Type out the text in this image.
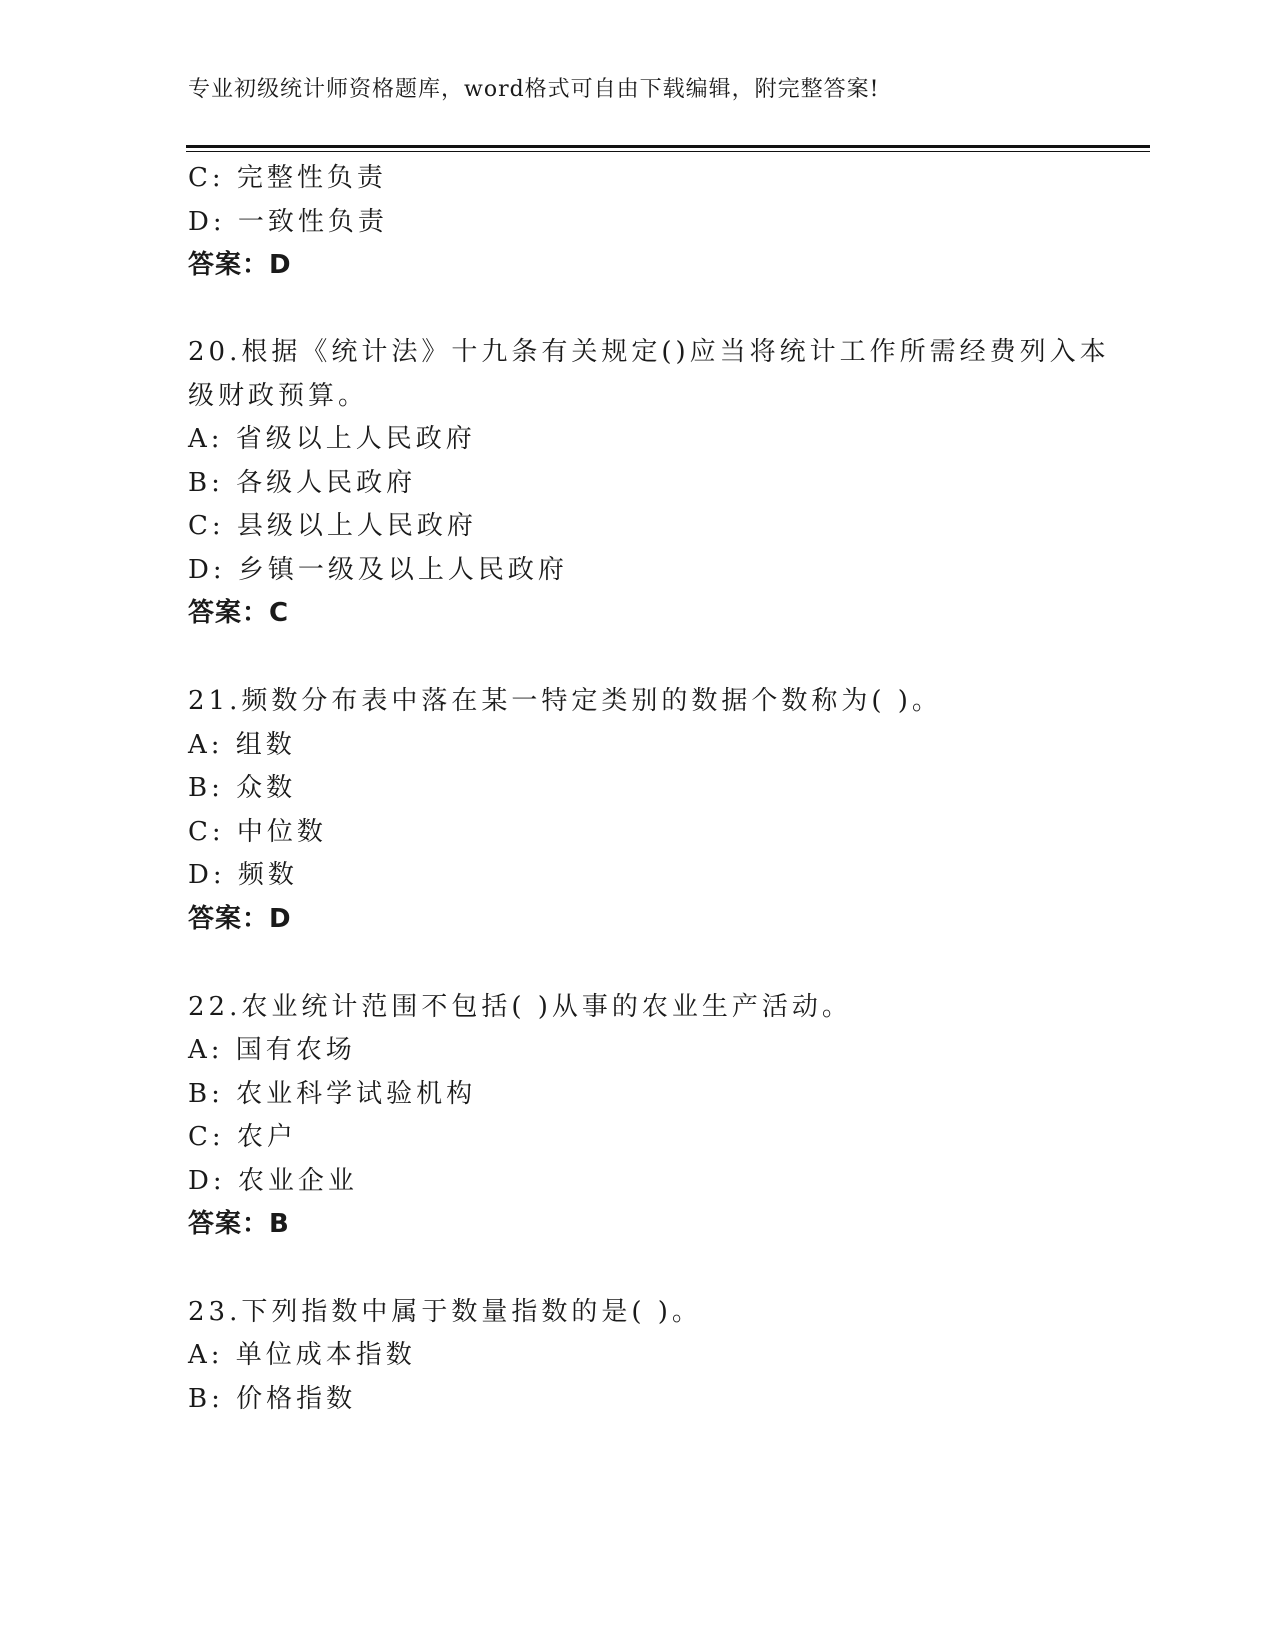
专业初级统计师资格题库，word格式可自由下载编辑，附完整答案!
C: 完整性负责
D: 一致性负责
答案：D
20.根据《统计法》十九条有关规定()应当将统计工作所需经费列入本
级财政预算。
A: 省级以上人民政府
B: 各级人民政府
C: 县级以上人民政府
D: 乡镇一级及以上人民政府
答案：C
21.频数分布表中落在某一特定类别的数据个数称为( )。
A: 组数
B: 众数
C: 中位数
D: 频数
答案：D
22.农业统计范围不包括( )从事的农业生产活动。
A: 国有农场
B: 农业科学试验机构
C: 农户
D: 农业企业
答案：B
23.下列指数中属于数量指数的是( )。
A: 单位成本指数
B: 价格指数
